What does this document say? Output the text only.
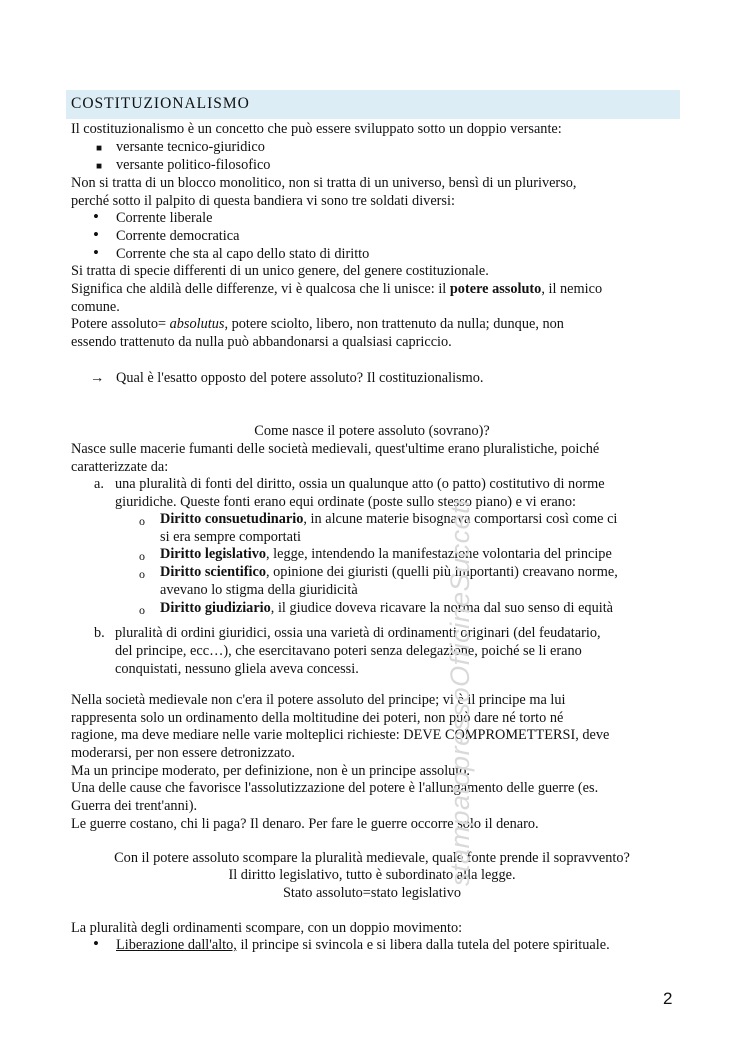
COSTITUZIONALISMO
Il costituzionalismo è un concetto che può essere sviluppato sotto un doppio versante:
■ versante tecnico-giuridico
■ versante politico-filosofico
Non si tratta di un blocco monolitico, non si tratta di un universo, bensì di un pluriverso,
perché sotto il palpito di questa bandiera vi sono tre soldati diversi:
• Corrente liberale
• Corrente democratica
• Corrente che sta al capo dello stato di diritto
Si tratta di specie differenti di un unico genere, del genere costituzionale.
Significa che aldilà delle differenze, vi è qualcosa che li unisce: il potere assoluto, il nemico
comune.
Potere assoluto= absolutus, potere sciolto, libero, non trattenuto da nulla; dunque, non
essendo trattenuto da nulla può abbandonarsi a qualsiasi capriccio.
→ Qual è l'esatto opposto del potere assoluto? Il costituzionalismo.
Come nasce il potere assoluto (sovrano)?
Nasce sulle macerie fumanti delle società medievali, quest'ultime erano pluralistiche, poiché
caratterizzate da:
a. una pluralità di fonti del diritto, ossia un qualunque atto (o patto) costitutivo di norme
giuridiche. Queste fonti erano equi ordinate (poste sullo stesso piano) e vi erano:
o Diritto consuetudinario, in alcune materie bisognava comportarsi così come ci
si era sempre comportati
o Diritto legislativo, legge, intendendo la manifestazione volontaria del principe
o Diritto scientifico, opinione dei giuristi (quelli più importanti) creavano norme,
avevano lo stigma della giuridicità
o Diritto giudiziario, il giudice doveva ricavare la norma dal suo senso di equità
b. pluralità di ordini giuridici, ossia una varietà di ordinamenti originari (del feudatario,
del principe, ecc…), che esercitavano poteri senza delegazione, poiché se li erano
conquistati, nessuno gliela aveva concessi.
Nella società medievale non c'era il potere assoluto del principe; vi è il principe ma lui
rappresenta solo un ordinamento della moltitudine dei poteri, non può dare né torto né
ragione, ma deve mediare nelle varie molteplici richieste: DEVE COMPROMETTERSI, deve
moderarsi, per non essere detronizzato.
Ma un principe moderato, per definizione, non è un principe assoluto.
Una delle cause che favorisce l'assolutizzazione del potere è l'allungamento delle guerre (es.
Guerra dei trent'anni).
Le guerre costano, chi li paga? Il denaro. Per fare le guerre occorre solo il denaro.
Con il potere assoluto scompare la pluralità medievale, quale fonte prende il sopravvento?
Il diritto legislativo, tutto è subordinato alla legge.
Stato assoluto=stato legislativo
La pluralità degli ordinamenti scompare, con un doppio movimento:
• Liberazione dall'alto, il principe si svincola e si libera dalla tutela del potere spirituale.
stampatopressoOfficineSucceti
2
